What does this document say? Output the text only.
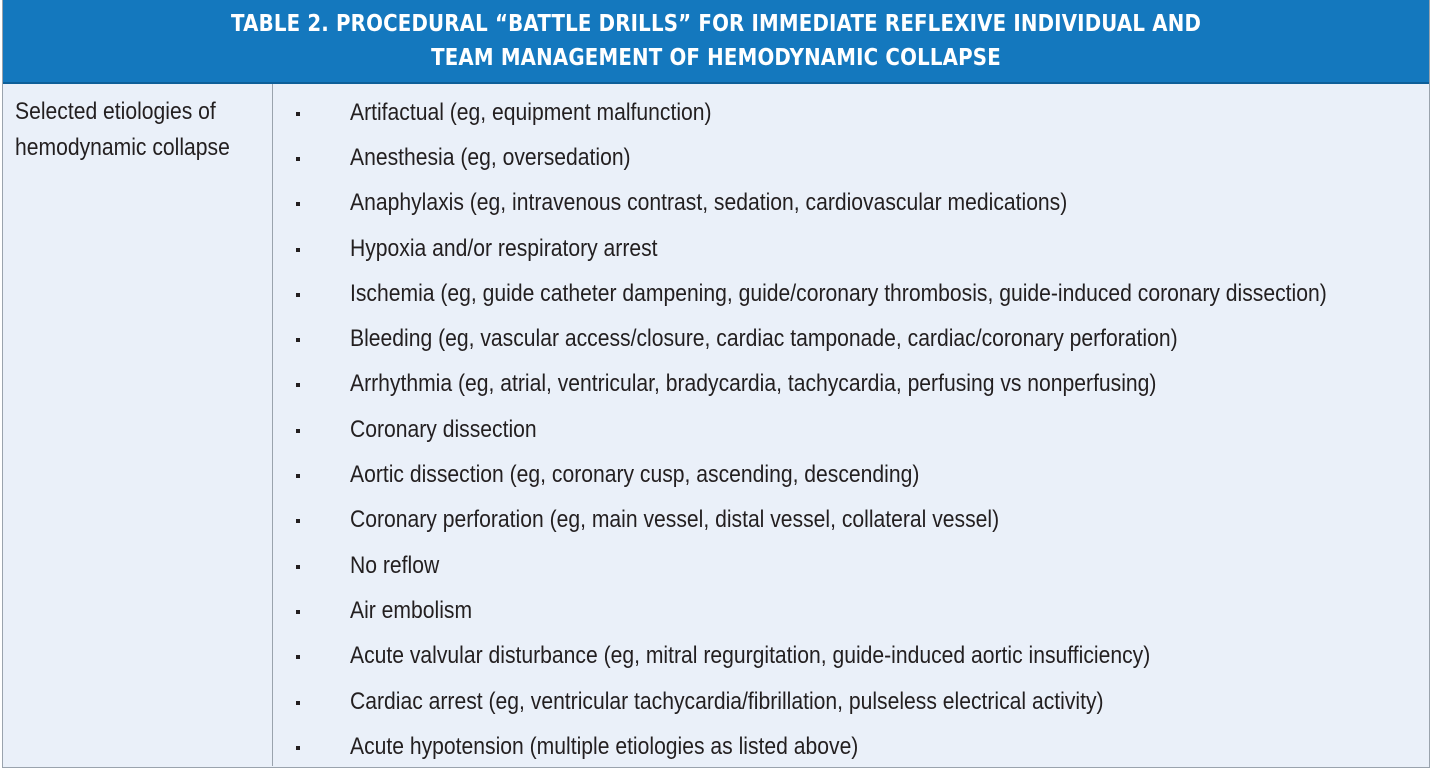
TABLE 2. PROCEDURAL “BATTLE DRILLS” FOR IMMEDIATE REFLEXIVE INDIVIDUAL AND
TEAM MANAGEMENT OF HEMODYNAMIC COLLAPSE
Selected etiologies of
hemodynamic collapse
Artifactual (eg, equipment malfunction)
Anesthesia (eg, oversedation)
Anaphylaxis (eg, intravenous contrast, sedation, cardiovascular medications)
Hypoxia and/or respiratory arrest
Ischemia (eg, guide catheter dampening, guide/coronary thrombosis, guide-induced coronary dissection)
Bleeding (eg, vascular access/closure, cardiac tamponade, cardiac/coronary perforation)
Arrhythmia (eg, atrial, ventricular, bradycardia, tachycardia, perfusing vs nonperfusing)
Coronary dissection
Aortic dissection (eg, coronary cusp, ascending, descending)
Coronary perforation (eg, main vessel, distal vessel, collateral vessel)
No reflow
Air embolism
Acute valvular disturbance (eg, mitral regurgitation, guide-induced aortic insufficiency)
Cardiac arrest (eg, ventricular tachycardia/fibrillation, pulseless electrical activity)
Acute hypotension (multiple etiologies as listed above)
